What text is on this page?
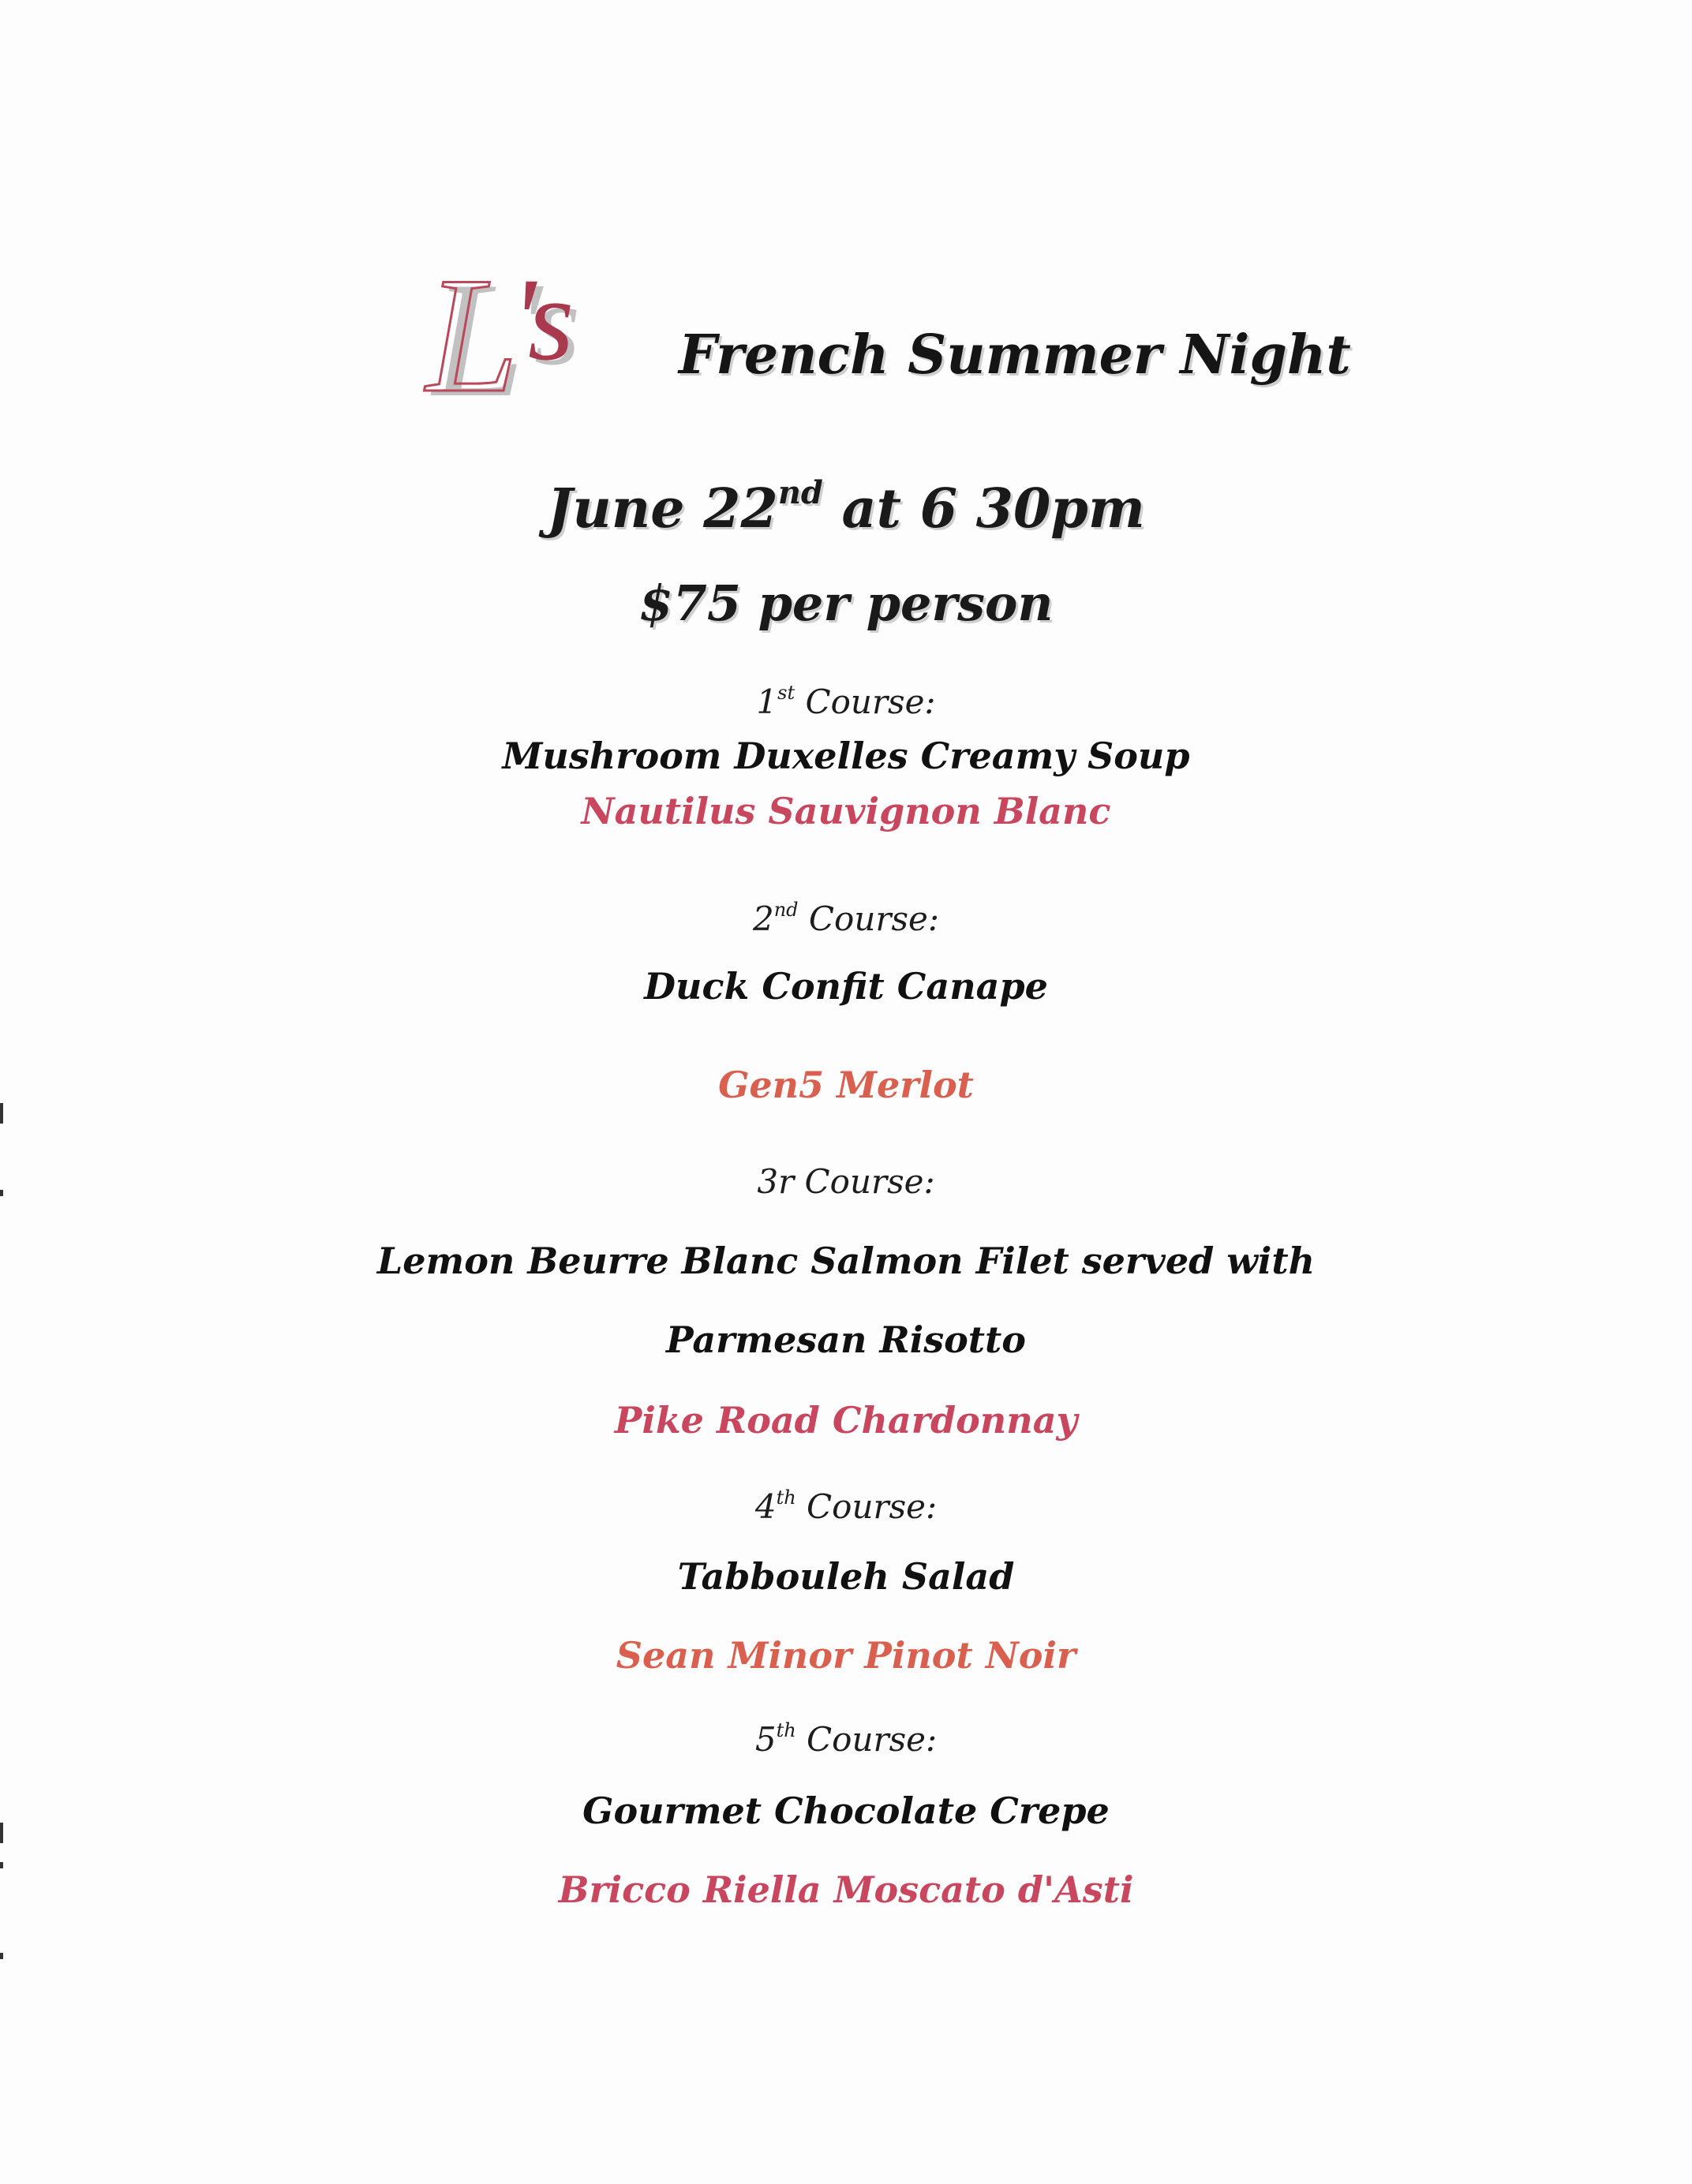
L's French Summer Night
June 22nd at 6 30pm
$75 per person
1st Course:
Mushroom Duxelles Creamy Soup
Nautilus Sauvignon Blanc
2nd Course:
Duck Confit Canape
Gen5 Merlot
3r Course:
Lemon Beurre Blanc Salmon Filet served with
Parmesan Risotto
Pike Road Chardonnay
4th Course:
Tabbouleh Salad
Sean Minor Pinot Noir
5th Course:
Gourmet Chocolate Crepe
Bricco Riella Moscato d'Asti
